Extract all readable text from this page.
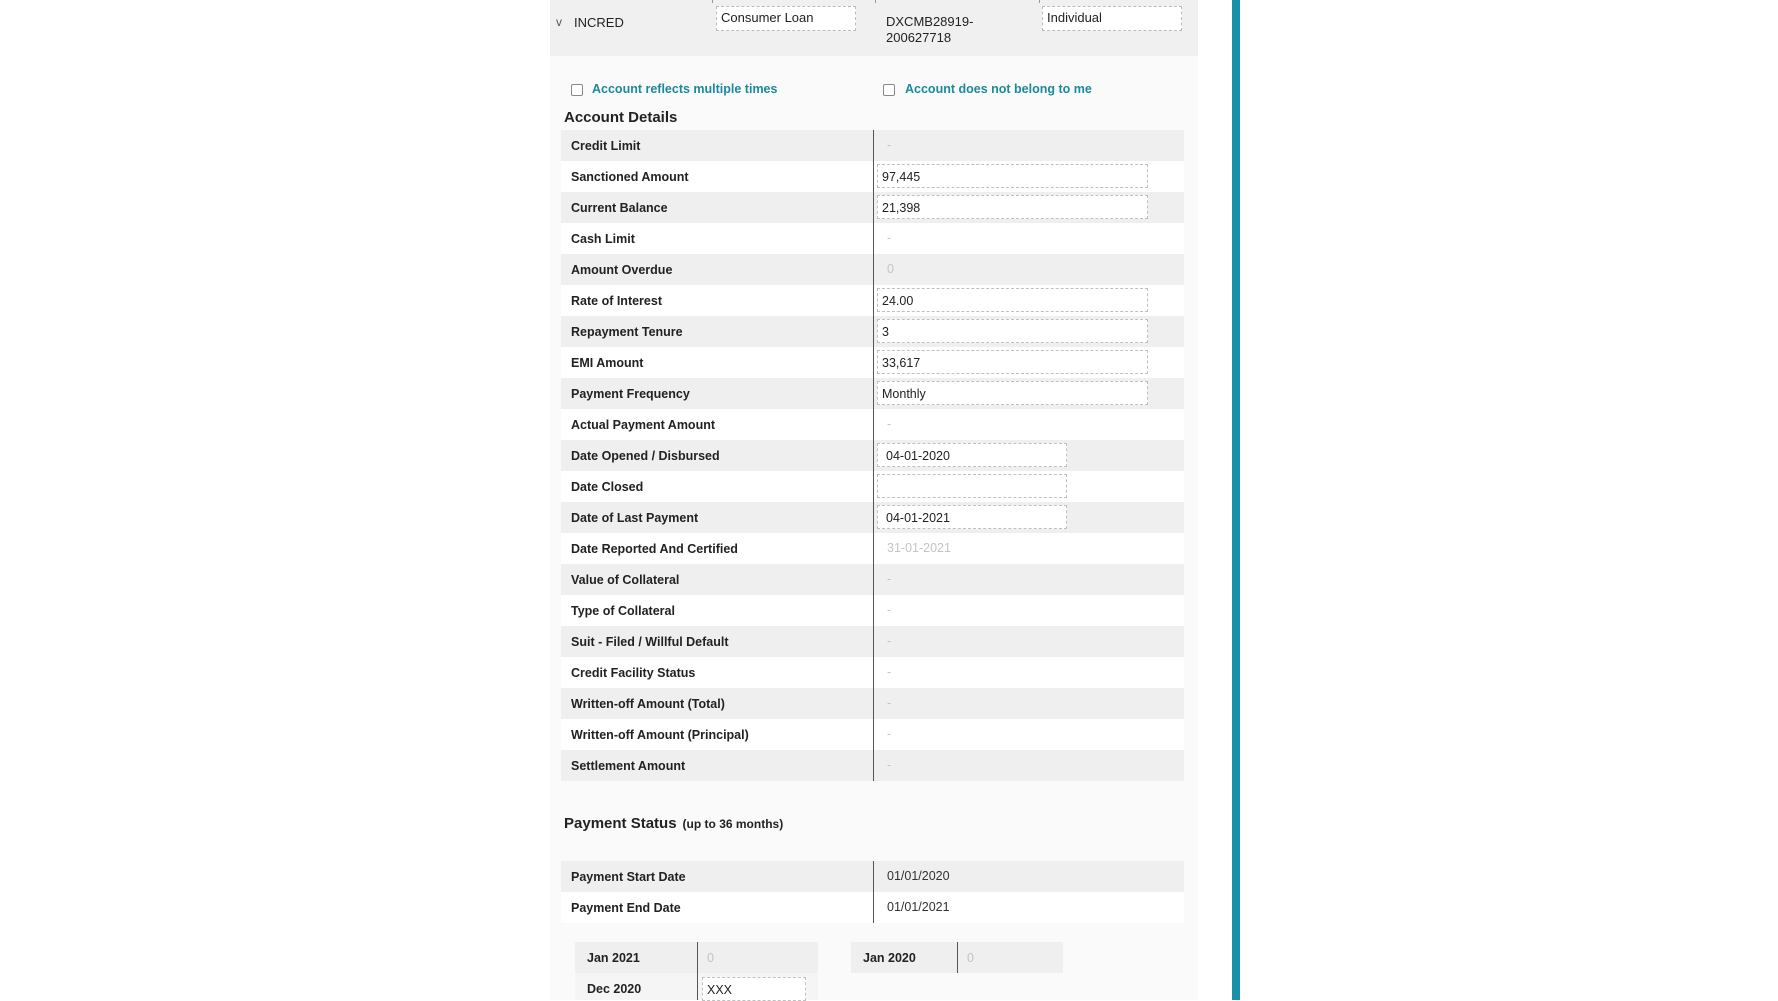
v INCRED	Consumer Loan	DXCMB28919-200627718
Individual
Account reflects multiple times	Account does not belong to me
Account Details
Credit Limit	-
Sanctioned Amount	97,445
Current Balance	21,398
Cash Limit	-
Amount Overdue	0
Rate of Interest	24.00
Repayment Tenure	3
EMI Amount	33,617
Payment Frequency	Monthly
Actual Payment Amount	-
Date Opened / Disbursed	04-01-2020
Date Closed
Date of Last Payment	04-01-2021
Date Reported And Certified	31-01-2021
Value of Collateral	-
Type of Collateral	-
Suit - Filed / Willful Default	-
Credit Facility Status	-
Written-off Amount (Total)	-
Written-off Amount (Principal)	-
Settlement Amount	-
Payment Status (up to 36 months)
Payment Start Date	01/01/2020
Payment End Date	01/01/2021
Jan 2021	0	Jan 2020	0
Dec 2020	XXX
